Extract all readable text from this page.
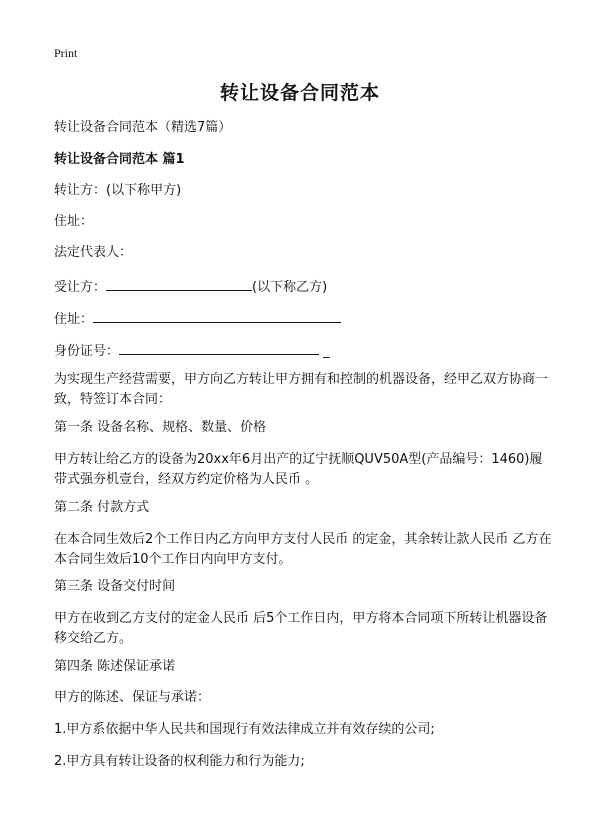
Print
转让设备合同范本
转让设备合同范本（精选7篇）
转让设备合同范本 篇1
转让方：(以下称甲方)
住址：
法定代表人：
受让方：	(以下称乙方)
住址：
身份证号：	_
为实现生产经营需要，甲方向乙方转让甲方拥有和控制的机器设备，经甲乙双方协商一致，特签订本合同：
第一条 设备名称、规格、数量、价格
甲方转让给乙方的设备为20xx年6月出产的辽宁抚顺QUV50A型(产品编号：1460)履带式强夯机壹台，经双方约定价格为人民币 。
第二条 付款方式
在本合同生效后2个工作日内乙方向甲方支付人民币 的定金，其余转让款人民币 乙方在本合同生效后10个工作日内向甲方支付。
第三条 设备交付时间
甲方在收到乙方支付的定金人民币 后5个工作日内，甲方将本合同项下所转让机器设备移交给乙方。
第四条 陈述保证承诺
甲方的陈述、保证与承诺：
1.甲方系依据中华人民共和国现行有效法律成立并有效存续的公司;
2.甲方具有转让设备的权利能力和行为能力;
